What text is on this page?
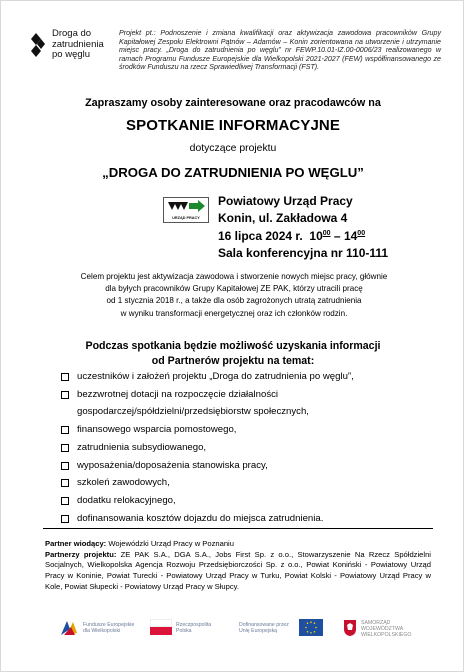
Droga do
zatrudnienia
po węglu
Projekt pt.: Podnoszenie i zmiana kwalifikacji oraz aktywizacja zawodowa pracowników Grupy Kapitałowej Zespołu Elektrowni Pątnów – Adamów – Konin zorientowana na utworzenie i utrzymanie miejsc pracy. „Droga do zatrudnienia po węglu” nr FEWP.10.01-IZ.00-0006/23 realizowanego w ramach Programu Fundusze Europejskie dla Wielkopolski 2021-2027 (FEW) współfinansowanego ze środków Funduszu na rzecz Sprawiedliwej Transformacji (FST).
Zapraszamy osoby zainteresowane oraz pracodawców na
SPOTKANIE INFORMACYJNE
dotyczące projektu
„DROGA DO ZATRUDNIENIA PO WĘGLU”
URZĄD PRACY
Powiatowy Urząd Pracy
Konin, ul. Zakładowa 4
16 lipca 2024 r. $10^{00} - 14^{00}$
Sala konferencyjna nr 110-111
Celem projektu jest aktywizacja zawodowa i stworzenie nowych miejsc pracy, głównie
dla byłych pracowników Grupy Kapitałowej ZE PAK, którzy utracili pracę
od 1 stycznia 2018 r., a także dla osób zagrożonych utratą zatrudnienia
w wyniku transformacji energetycznej oraz ich członków rodzin.
Podczas spotkania będzie możliwość uzyskania informacji
od Partnerów projektu na temat:
uczestników i założeń projektu „Droga do zatrudnienia po węglu”,
bezzwrotnej dotacji na rozpoczęcie działalności
gospodarczej/spółdzielni/przedsiębiorstw społecznych,
finansowego wsparcia pomostowego,
zatrudnienia subsydiowanego,
wyposażenia/doposażenia stanowiska pracy,
szkoleń zawodowych,
dodatku relokacyjnego,
dofinansowania kosztów dojazdu do miejsca zatrudnienia.
Partner wiodący: Wojewódzki Urząd Pracy w Poznaniu
Partnerzy projektu: ZE PAK S.A., DGA S.A., Jobs First Sp. z o.o., Stowarzyszenie Na Rzecz Spółdzielni Socjalnych, Wielkopolska Agencja Rozwoju Przedsiębiorczości Sp. z o.o., Powiat Koniński - Powiatowy Urząd Pracy w Koninie, Powiat Turecki - Powiatowy Urząd Pracy w Turku, Powiat Kolski - Powiatowy Urząd Pracy w Kole, Powiat Słupecki - Powiatowy Urząd Pracy w Słupcy.
Fundusze Europejskie
dla Wielkopolski
Rzeczpospolita
Polska
Dofinansowane przez
Unię Europejską
SAMORZĄD
WOJEWÓDZTWA
WIELKOPOLSKIEGO
